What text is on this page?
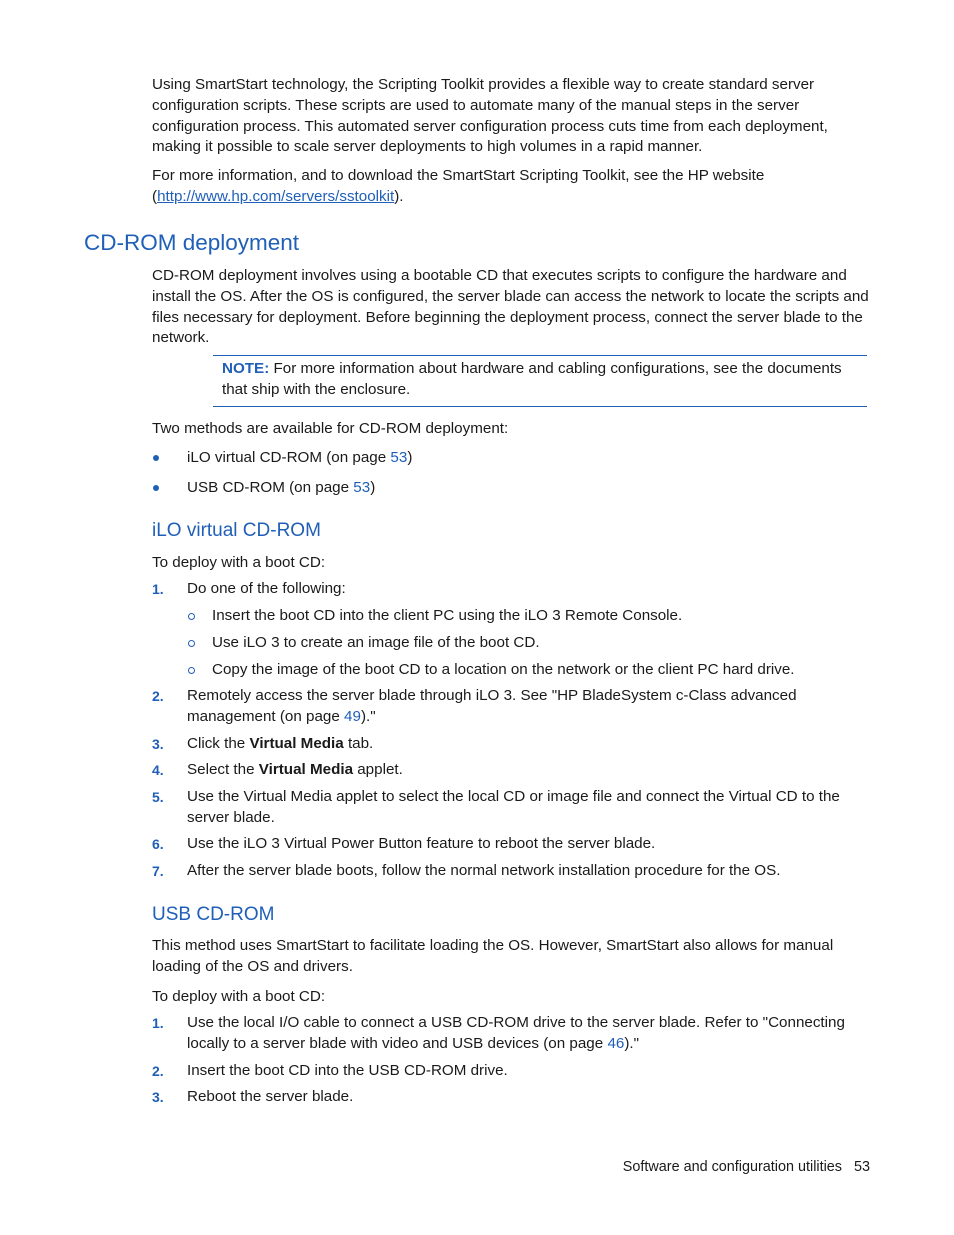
Using SmartStart technology, the Scripting Toolkit provides a flexible way to create standard server configuration scripts. These scripts are used to automate many of the manual steps in the server configuration process. This automated server configuration process cuts time from each deployment, making it possible to scale server deployments to high volumes in a rapid manner.

For more information, and to download the SmartStart Scripting Toolkit, see the HP website (http://www.hp.com/servers/sstoolkit).

CD-ROM deployment

CD-ROM deployment involves using a bootable CD that executes scripts to configure the hardware and install the OS. After the OS is configured, the server blade can access the network to locate the scripts and files necessary for deployment. Before beginning the deployment process, connect the server blade to the network.

NOTE: For more information about hardware and cabling configurations, see the documents that ship with the enclosure.

Two methods are available for CD-ROM deployment:

iLO virtual CD-ROM (on page 53)
USB CD-ROM (on page 53)
iLO virtual CD-ROM

To deploy with a boot CD:

1. Do one of the following:
Insert the boot CD into the client PC using the iLO 3 Remote Console.
Use iLO 3 to create an image file of the boot CD.
Copy the image of the boot CD to a location on the network or the client PC hard drive.
2. Remotely access the server blade through iLO 3. See "HP BladeSystem c-Class advanced management (on page 49)."
3. Click the Virtual Media tab.
4. Select the Virtual Media applet.
5. Use the Virtual Media applet to select the local CD or image file and connect the Virtual CD to the server blade.
6. Use the iLO 3 Virtual Power Button feature to reboot the server blade.
7. After the server blade boots, follow the normal network installation procedure for the OS.
USB CD-ROM

This method uses SmartStart to facilitate loading the OS. However, SmartStart also allows for manual loading of the OS and drivers.

To deploy with a boot CD:

1. Use the local I/O cable to connect a USB CD-ROM drive to the server blade. Refer to "Connecting locally to a server blade with video and USB devices (on page 46)."
2. Insert the boot CD into the USB CD-ROM drive.
3. Reboot the server blade.
Software and configuration utilities 53
